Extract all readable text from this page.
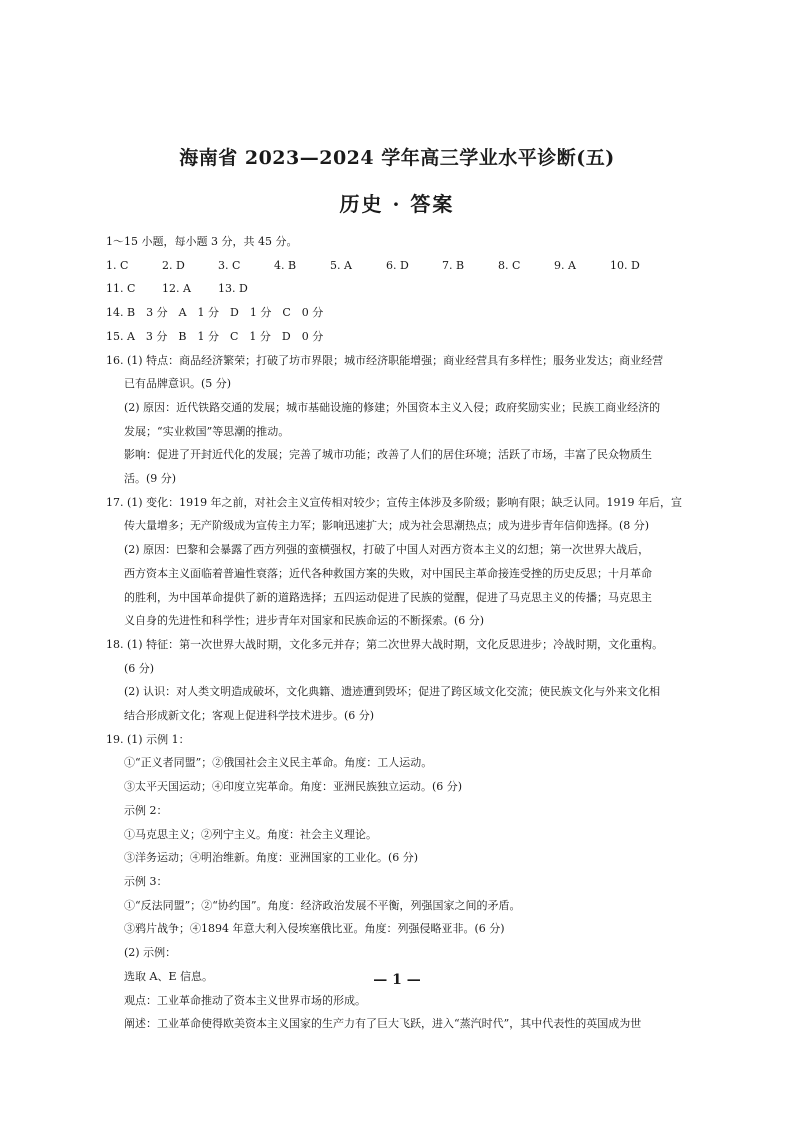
海南省 2023—2024 学年高三学业水平诊断(五)
历史 · 答案
1～15 小题，每小题 3 分，共 45 分。
1. C	2. D	3. C	4. B	5. A	6. D	7. B	8. C	9. A	10. D
11. C	12. A	13. D
14. B　3 分　A　1 分　D　1 分　C　0 分
15. A　3 分　B　1 分　C　1 分　D　0 分
16. (1) 特点：商品经济繁荣；打破了坊市界限；城市经济职能增强；商业经营具有多样性；服务业发达；商业经营
已有品牌意识。(5 分)
(2) 原因：近代铁路交通的发展；城市基础设施的修建；外国资本主义入侵；政府奖励实业；民族工商业经济的
发展；“实业救国”等思潮的推动。
影响：促进了开封近代化的发展；完善了城市功能；改善了人们的居住环境；活跃了市场，丰富了民众物质生
活。(9 分)
17. (1) 变化：1919 年之前，对社会主义宣传相对较少；宣传主体涉及多阶级；影响有限；缺乏认同。1919 年后，宣
传大量增多；无产阶级成为宣传主力军；影响迅速扩大；成为社会思潮热点；成为进步青年信仰选择。(8 分)
(2) 原因：巴黎和会暴露了西方列强的蛮横强权，打破了中国人对西方资本主义的幻想；第一次世界大战后，
西方资本主义面临着普遍性衰落；近代各种救国方案的失败，对中国民主革命接连受挫的历史反思；十月革命
的胜利，为中国革命提供了新的道路选择；五四运动促进了民族的觉醒，促进了马克思主义的传播；马克思主
义自身的先进性和科学性；进步青年对国家和民族命运的不断探索。(6 分)
18. (1) 特征：第一次世界大战时期，文化多元并存；第二次世界大战时期，文化反思进步；冷战时期，文化重构。
(6 分)
(2) 认识：对人类文明造成破坏，文化典籍、遗迹遭到毁坏；促进了跨区域文化交流；使民族文化与外来文化相
结合形成新文化；客观上促进科学技术进步。(6 分)
19. (1) 示例 1：
①“正义者同盟”；②俄国社会主义民主革命。角度：工人运动。
③太平天国运动；④印度立宪革命。角度：亚洲民族独立运动。(6 分)
示例 2：
①马克思主义；②列宁主义。角度：社会主义理论。
③洋务运动；④明治维新。角度：亚洲国家的工业化。(6 分)
示例 3：
①“反法同盟”；②“协约国”。角度：经济政治发展不平衡，列强国家之间的矛盾。
③鸦片战争；④1894 年意大利入侵埃塞俄比亚。角度：列强侵略亚非。(6 分)
(2) 示例：
选取 A、E 信息。
观点：工业革命推动了资本主义世界市场的形成。
阐述：工业革命使得欧美资本主义国家的生产力有了巨大飞跃，进入“蒸汽时代”，其中代表性的英国成为世
— 1 —
